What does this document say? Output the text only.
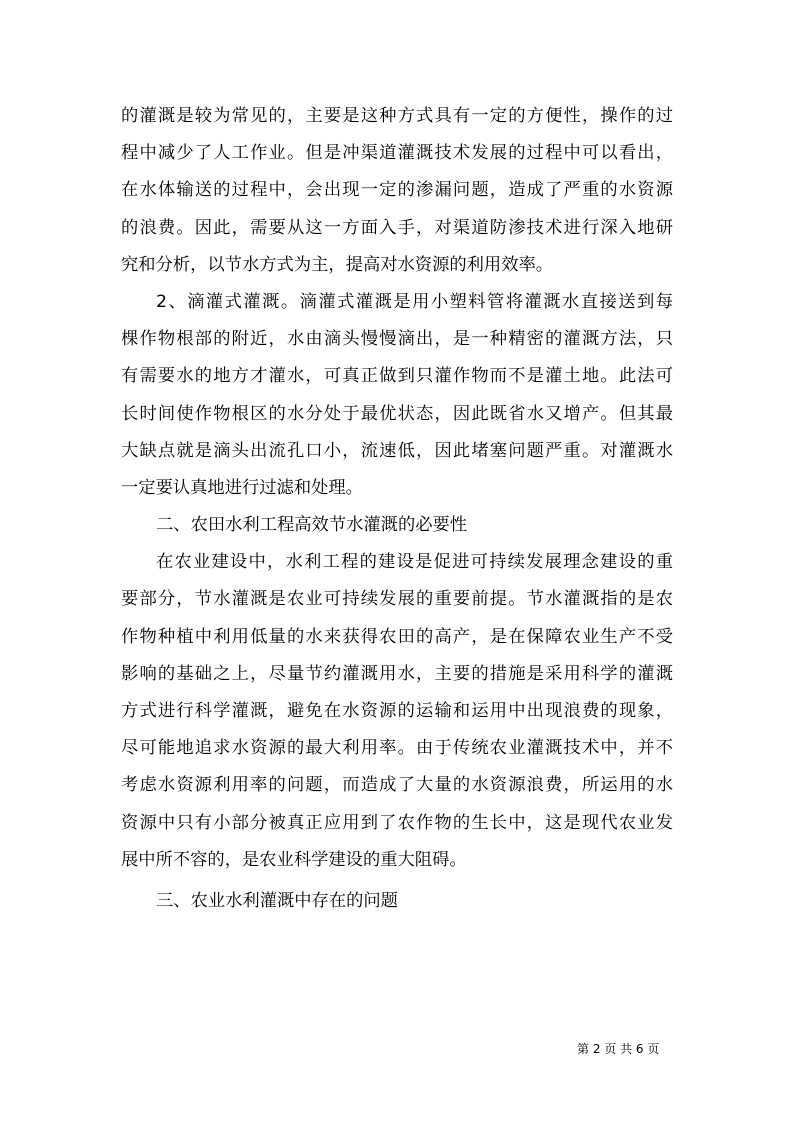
的灌溉是较为常见的，主要是这种方式具有一定的方便性，操作的过
程中减少了人工作业。但是冲渠道灌溉技术发展的过程中可以看出，
在水体输送的过程中，会出现一定的渗漏问题，造成了严重的水资源
的浪费。因此，需要从这一方面入手，对渠道防渗技术进行深入地研
究和分析，以节水方式为主，提高对水资源的利用效率。
2、滴灌式灌溉。滴灌式灌溉是用小塑料管将灌溉水直接送到每
棵作物根部的附近，水由滴头慢慢滴出，是一种精密的灌溉方法，只
有需要水的地方才灌水，可真正做到只灌作物而不是灌土地。此法可
长时间使作物根区的水分处于最优状态，因此既省水又增产。但其最
大缺点就是滴头出流孔口小，流速低，因此堵塞问题严重。对灌溉水
一定要认真地进行过滤和处理。
二、农田水利工程高效节水灌溉的必要性
在农业建设中，水利工程的建设是促进可持续发展理念建设的重
要部分，节水灌溉是农业可持续发展的重要前提。节水灌溉指的是农
作物种植中利用低量的水来获得农田的高产，是在保障农业生产不受
影响的基础之上，尽量节约灌溉用水，主要的措施是采用科学的灌溉
方式进行科学灌溉，避免在水资源的运输和运用中出现浪费的现象，
尽可能地追求水资源的最大利用率。由于传统农业灌溉技术中，并不
考虑水资源利用率的问题，而造成了大量的水资源浪费，所运用的水
资源中只有小部分被真正应用到了农作物的生长中，这是现代农业发
展中所不容的，是农业科学建设的重大阻碍。
三、农业水利灌溉中存在的问题
第 2 页 共 6 页
